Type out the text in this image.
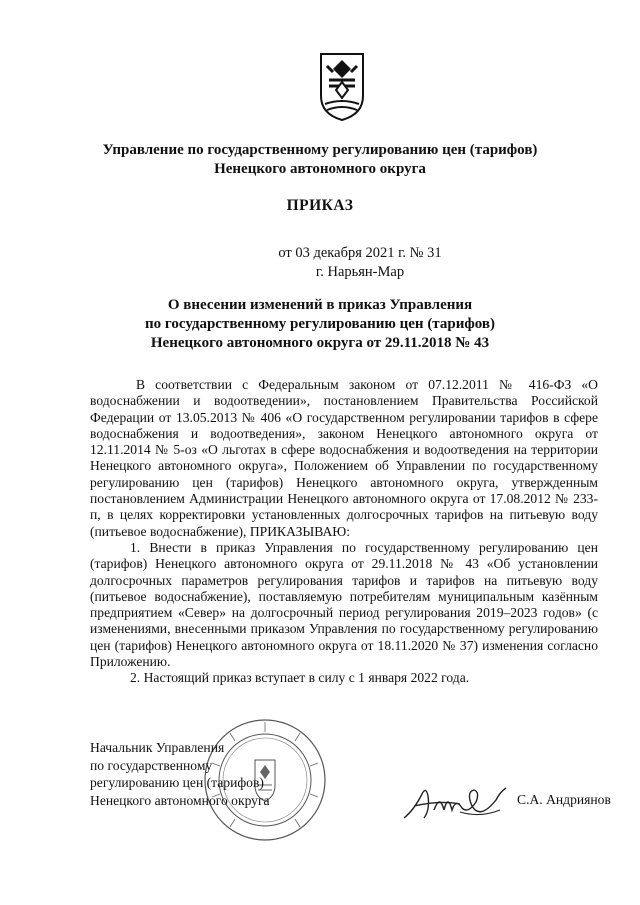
Управление по государственному регулированию цен (тарифов)
Ненецкого автономного округа
ПРИКАЗ
от 03 декабря 2021 г. № 31
г. Нарьян-Мар
О внесении изменений в приказ Управления
по государственному регулированию цен (тарифов)
Ненецкого автономного округа от 29.11.2018 № 43

В соответствии с Федеральным законом от 07.12.2011 № 416-ФЗ «О водоснабжении и водоотведении», постановлением Правительства Российской Федерации от 13.05.2013 № 406 «О государственном регулировании тарифов в сфере водоснабжения и водоотведения», законом Ненецкого автономного округа от 12.11.2014 № 5-оз «О льготах в сфере водоснабжения и водоотведения на территории Ненецкого автономного округа», Положением об Управлении по государственному регулированию цен (тарифов) Ненецкого автономного округа, утвержденным постановлением Администрации Ненецкого автономного округа от 17.08.2012 № 233-п, в целях корректировки установленных долгосрочных тарифов на питьевую воду (питьевое водоснабжение), ПРИКАЗЫВАЮ:

1. Внести в приказ Управления по государственному регулированию цен (тарифов) Ненецкого автономного округа от 29.11.2018 № 43 «Об установлении долгосрочных параметров регулирования тарифов и тарифов на питьевую воду (питьевое водоснабжение), поставляемую потребителям муниципальным казённым предприятием «Север» на долгосрочный период регулирования 2019–2023 годов» (с изменениями, внесенными приказом Управления по государственному регулированию цен (тарифов) Ненецкого автономного округа от 18.11.2020 № 37) изменения согласно Приложению.

2. Настоящий приказ вступает в силу с 1 января 2022 года.

Начальник Управления
по государственному
регулированию цен (тарифов)
Ненецкого автономного округа	С.А. Андриянов
